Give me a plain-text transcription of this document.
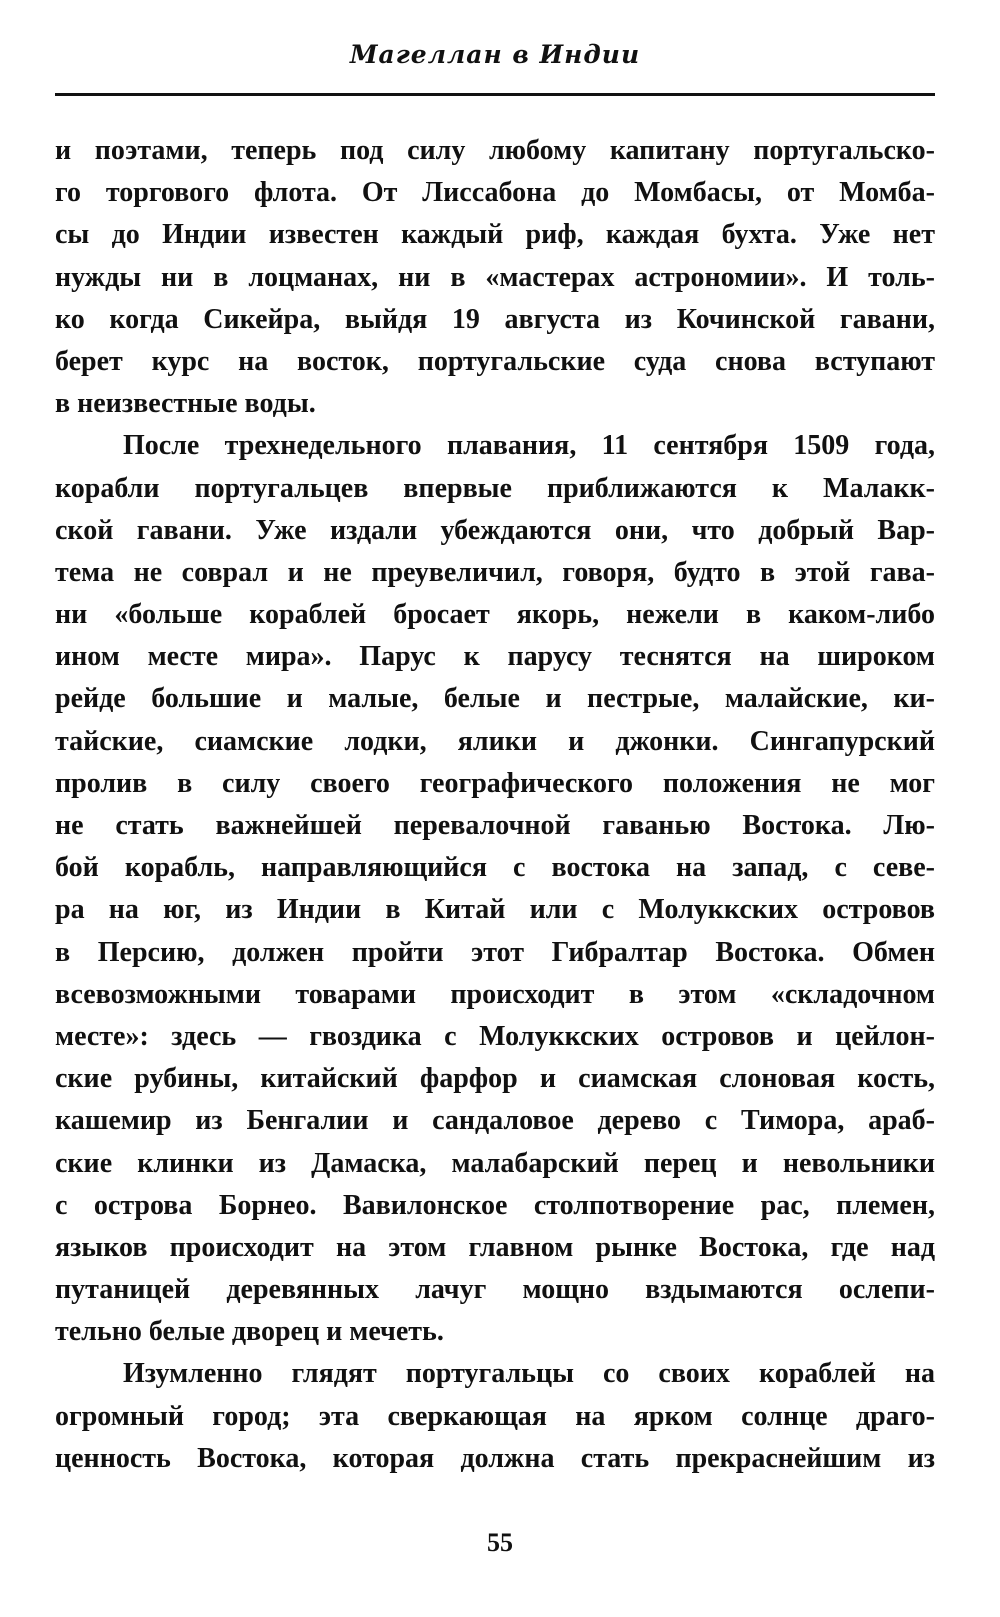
Магеллан в Индии
и поэтами, теперь под силу любому капитану португальско-
го торгового флота. От Лиссабона до Момбасы, от Момба-
сы до Индии известен каждый риф, каждая бухта. Уже нет
нужды ни в лоцманах, ни в «мастерах астрономии». И толь-
ко когда Сикейра, выйдя 19 августа из Кочинской гавани,
берет курс на восток, португальские суда снова вступают
в неизвестные воды.
После трехнедельного плавания, 11 сентября 1509 года,
корабли португальцев впервые приближаются к Малакк-
ской гавани. Уже издали убеждаются они, что добрый Вар-
тема не соврал и не преувеличил, говоря, будто в этой гава-
ни «больше кораблей бросает якорь, нежели в каком-либо
ином месте мира». Парус к парусу теснятся на широком
рейде большие и малые, белые и пестрые, малайские, ки-
тайские, сиамские лодки, ялики и джонки. Сингапурский
пролив в силу своего географического положения не мог
не стать важнейшей перевалочной гаванью Востока. Лю-
бой корабль, направляющийся с востока на запад, с севе-
ра на юг, из Индии в Китай или с Молуккских островов
в Персию, должен пройти этот Гибралтар Востока. Обмен
всевозможными товарами происходит в этом «складочном
месте»: здесь — гвоздика с Молуккских островов и цейлон-
ские рубины, китайский фарфор и сиамская слоновая кость,
кашемир из Бенгалии и сандаловое дерево с Тимора, араб-
ские клинки из Дамаска, малабарский перец и невольники
с острова Борнео. Вавилонское столпотворение рас, племен,
языков происходит на этом главном рынке Востока, где над
путаницей деревянных лачуг мощно вздымаются ослепи-
тельно белые дворец и мечеть.
Изумленно глядят португальцы со своих кораблей на
огромный город; эта сверкающая на ярком солнце драго-
ценность Востока, которая должна стать прекраснейшим из
55
